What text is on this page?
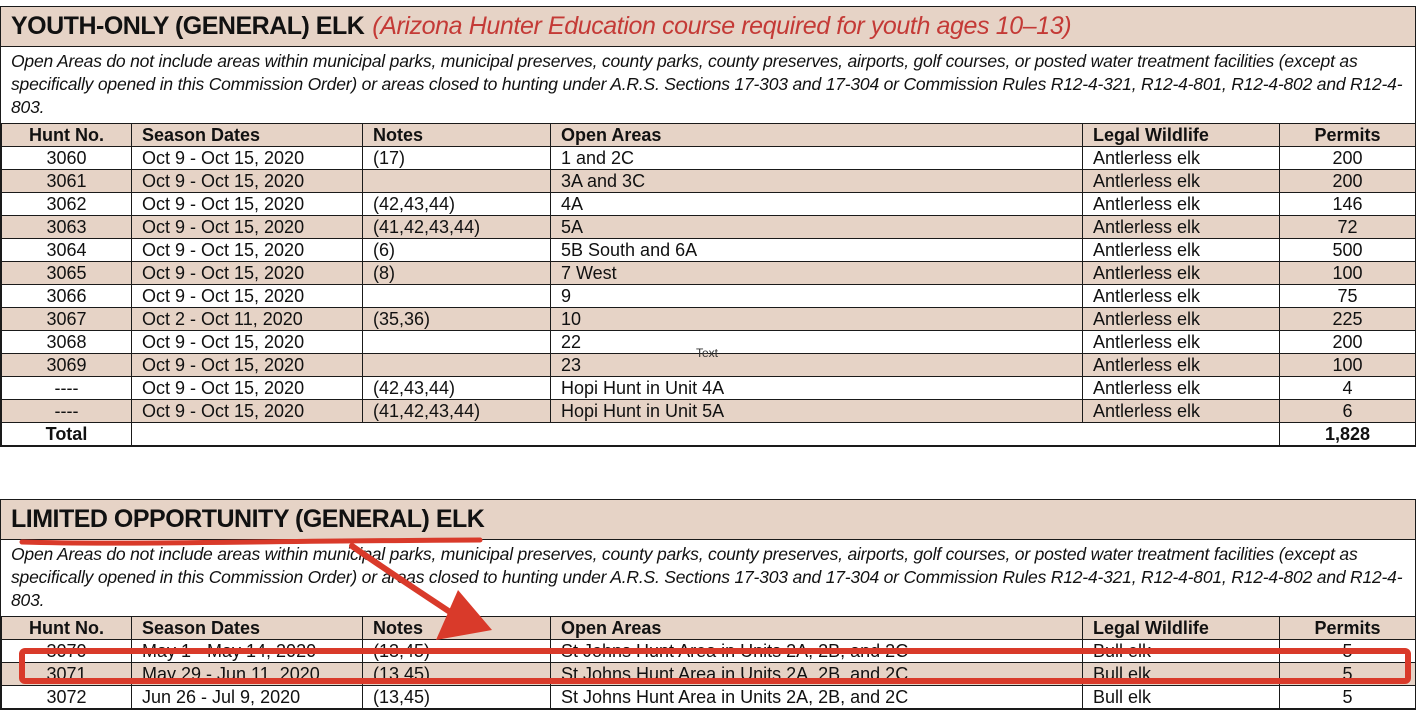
YOUTH-ONLY (GENERAL) ELK (Arizona Hunter Education course required for youth ages 10–13)
Open Areas do not include areas within municipal parks, municipal preserves, county parks, county preserves, airports, golf courses, or posted water treatment facilities (except as specifically opened in this Commission Order) or areas closed to hunting under A.R.S. Sections 17-303 and 17-304 or Commission Rules R12-4-321, R12-4-801, R12-4-802 and R12-4-803.
Hunt No.	Season Dates	Notes	Open Areas	Legal Wildlife	Permits
3060	Oct 9 - Oct 15, 2020	(17)	1 and 2C	Antlerless elk	200
3061	Oct 9 - Oct 15, 2020		3A and 3C	Antlerless elk	200
3062	Oct 9 - Oct 15, 2020	(42,43,44)	4A	Antlerless elk	146
3063	Oct 9 - Oct 15, 2020	(41,42,43,44)	5A	Antlerless elk	72
3064	Oct 9 - Oct 15, 2020	(6)	5B South and 6A	Antlerless elk	500
3065	Oct 9 - Oct 15, 2020	(8)	7 West	Antlerless elk	100
3066	Oct 9 - Oct 15, 2020		9	Antlerless elk	75
3067	Oct 2 - Oct 11, 2020	(35,36)	10	Antlerless elk	225
3068	Oct 9 - Oct 15, 2020		22	Antlerless elk	200
3069	Oct 9 - Oct 15, 2020		23	Antlerless elk	100
----	Oct 9 - Oct 15, 2020	(42,43,44)	Hopi Hunt in Unit 4A	Antlerless elk	4
----	Oct 9 - Oct 15, 2020	(41,42,43,44)	Hopi Hunt in Unit 5A	Antlerless elk	6
Total					1,828
Text
LIMITED OPPORTUNITY (GENERAL) ELK
Open Areas do not include areas within municipal parks, municipal preserves, county parks, county preserves, airports, golf courses, or posted water treatment facilities (except as specifically opened in this Commission Order) or areas closed to hunting under A.R.S. Sections 17-303 and 17-304 or Commission Rules R12-4-321, R12-4-801, R12-4-802 and R12-4-803.
Hunt No.	Season Dates	Notes	Open Areas	Legal Wildlife	Permits
3070	May 1 - May 14, 2020	(13,45)	St Johns Hunt Area in Units 2A, 2B, and 2C	Bull elk	5
3071	May 29 - Jun 11, 2020	(13,45)	St Johns Hunt Area in Units 2A, 2B, and 2C	Bull elk	5
3072	Jun 26 - Jul 9, 2020	(13,45)	St Johns Hunt Area in Units 2A, 2B, and 2C	Bull elk	5
